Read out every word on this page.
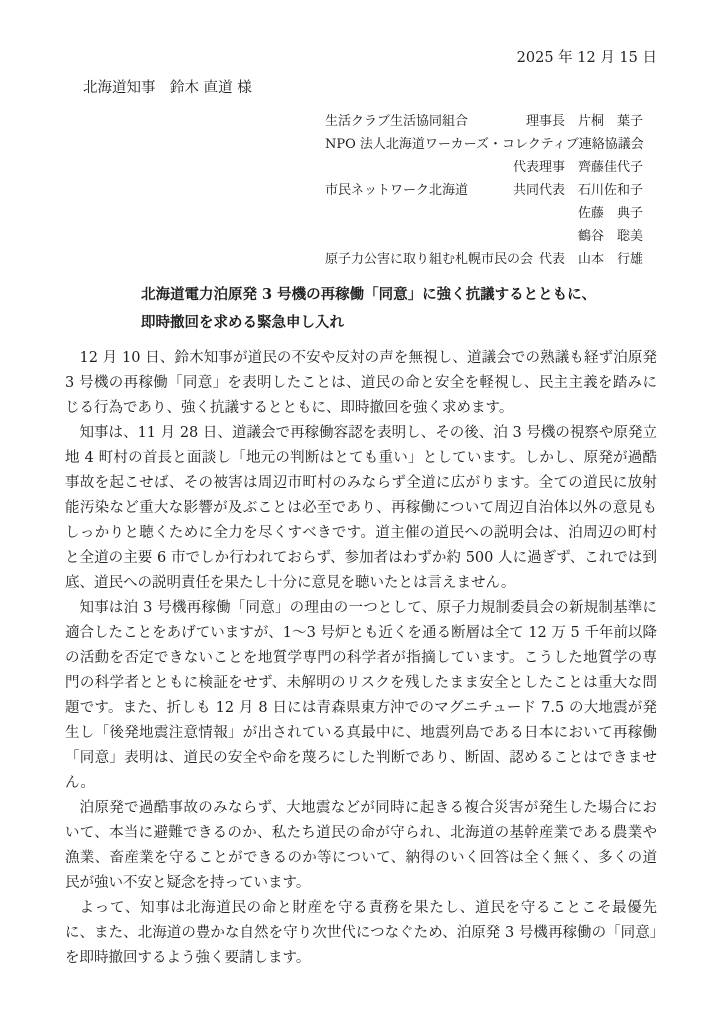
2025 年 12 月 15 日
北海道知事　鈴木 直道 様
生活クラブ生活協同組合	理事長　片桐　葉子
NPO 法人北海道ワーカーズ・コレクティブ連絡協議会
代表理事　齊藤佳代子
市民ネットワーク北海道	共同代表　石川佐和子
佐藤　典子
鶴谷　聡美
原子力公害に取り組む札幌市民の会 代表　山本　行雄
北海道電力泊原発 3 号機の再稼働「同意」に強く抗議するとともに、
即時撤回を求める緊急申し入れ

12 月 10 日、鈴木知事が道民の不安や反対の声を無視し、道議会での熟議も経ず泊原発 3 号機の再稼働「同意」を表明したことは、道民の命と安全を軽視し、民主主義を踏みにじる行為であり、強く抗議するとともに、即時撤回を強く求めます。

知事は、11 月 28 日、道議会で再稼働容認を表明し、その後、泊 3 号機の視察や原発立地 4 町村の首長と面談し「地元の判断はとても重い」としています。しかし、原発が過酷事故を起こせば、その被害は周辺市町村のみならず全道に広がります。全ての道民に放射能汚染など重大な影響が及ぶことは必至であり、再稼働について周辺自治体以外の意見もしっかりと聴くために全力を尽くすべきです。道主催の道民への説明会は、泊周辺の町村と全道の主要 6 市でしか行われておらず、参加者はわずか約 500 人に過ぎず、これでは到底、道民への説明責任を果たし十分に意見を聴いたとは言えません。

知事は泊 3 号機再稼働「同意」の理由の一つとして、原子力規制委員会の新規制基準に適合したことをあげていますが、1～3 号炉とも近くを通る断層は全て 12 万 5 千年前以降の活動を否定できないことを地質学専門の科学者が指摘しています。こうした地質学の専門の科学者とともに検証をせず、未解明のリスクを残したまま安全としたことは重大な問題です。また、折しも 12 月 8 日には青森県東方沖でのマグニチュード 7.5 の大地震が発生し「後発地震注意情報」が出されている真最中に、地震列島である日本において再稼働「同意」表明は、道民の安全や命を蔑ろにした判断であり、断固、認めることはできません。

泊原発で過酷事故のみならず、大地震などが同時に起きる複合災害が発生した場合において、本当に避難できるのか、私たち道民の命が守られ、北海道の基幹産業である農業や漁業、畜産業を守ることができるのか等について、納得のいく回答は全く無く、多くの道民が強い不安と疑念を持っています。

よって、知事は北海道民の命と財産を守る責務を果たし、道民を守ることこそ最優先に、また、北海道の豊かな自然を守り次世代につなぐため、泊原発 3 号機再稼働の「同意」を即時撤回するよう強く要請します。
